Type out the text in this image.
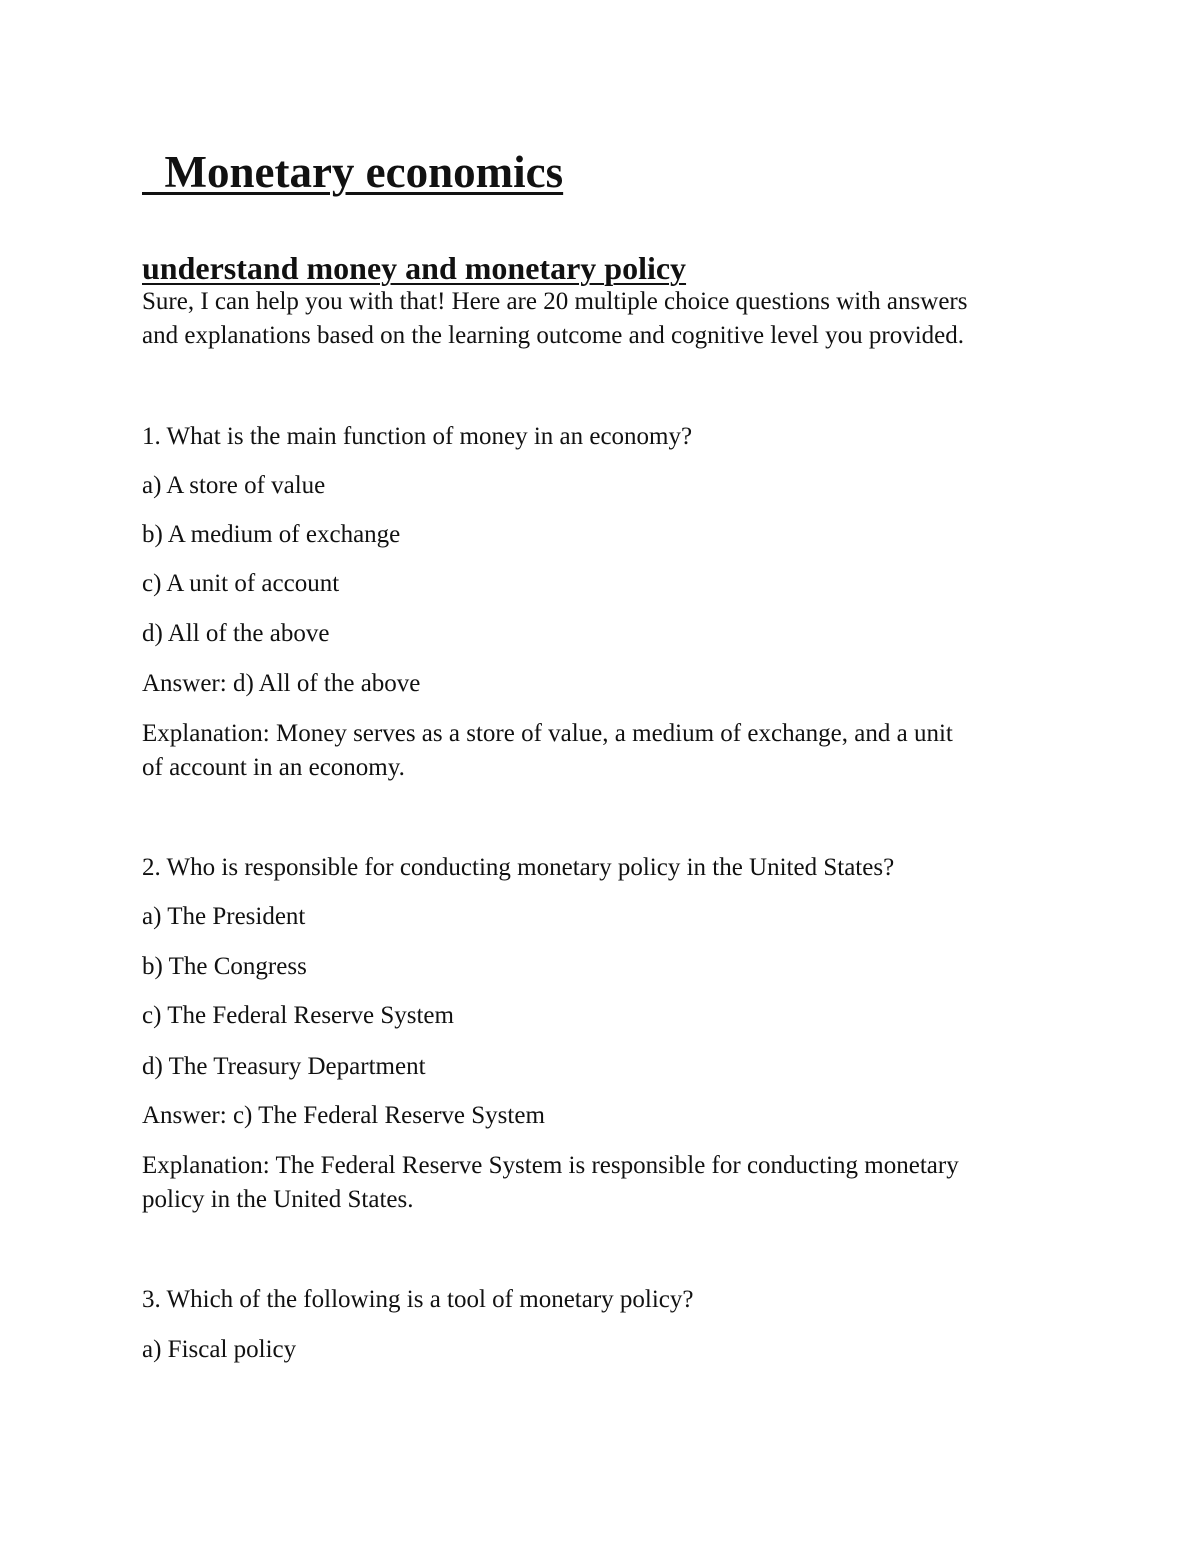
Monetary economics
understand money and monetary policy

Sure, I can help you with that! Here are 20 multiple choice questions with answers

and explanations based on the learning outcome and cognitive level you provided.

1. What is the main function of money in an economy?

a) A store of value

b) A medium of exchange

c) A unit of account

d) All of the above

Answer: d) All of the above

Explanation: Money serves as a store of value, a medium of exchange, and a unit

of account in an economy.

2. Who is responsible for conducting monetary policy in the United States?

a) The President

b) The Congress

c) The Federal Reserve System

d) The Treasury Department

Answer: c) The Federal Reserve System

Explanation: The Federal Reserve System is responsible for conducting monetary

policy in the United States.

3. Which of the following is a tool of monetary policy?

a) Fiscal policy
